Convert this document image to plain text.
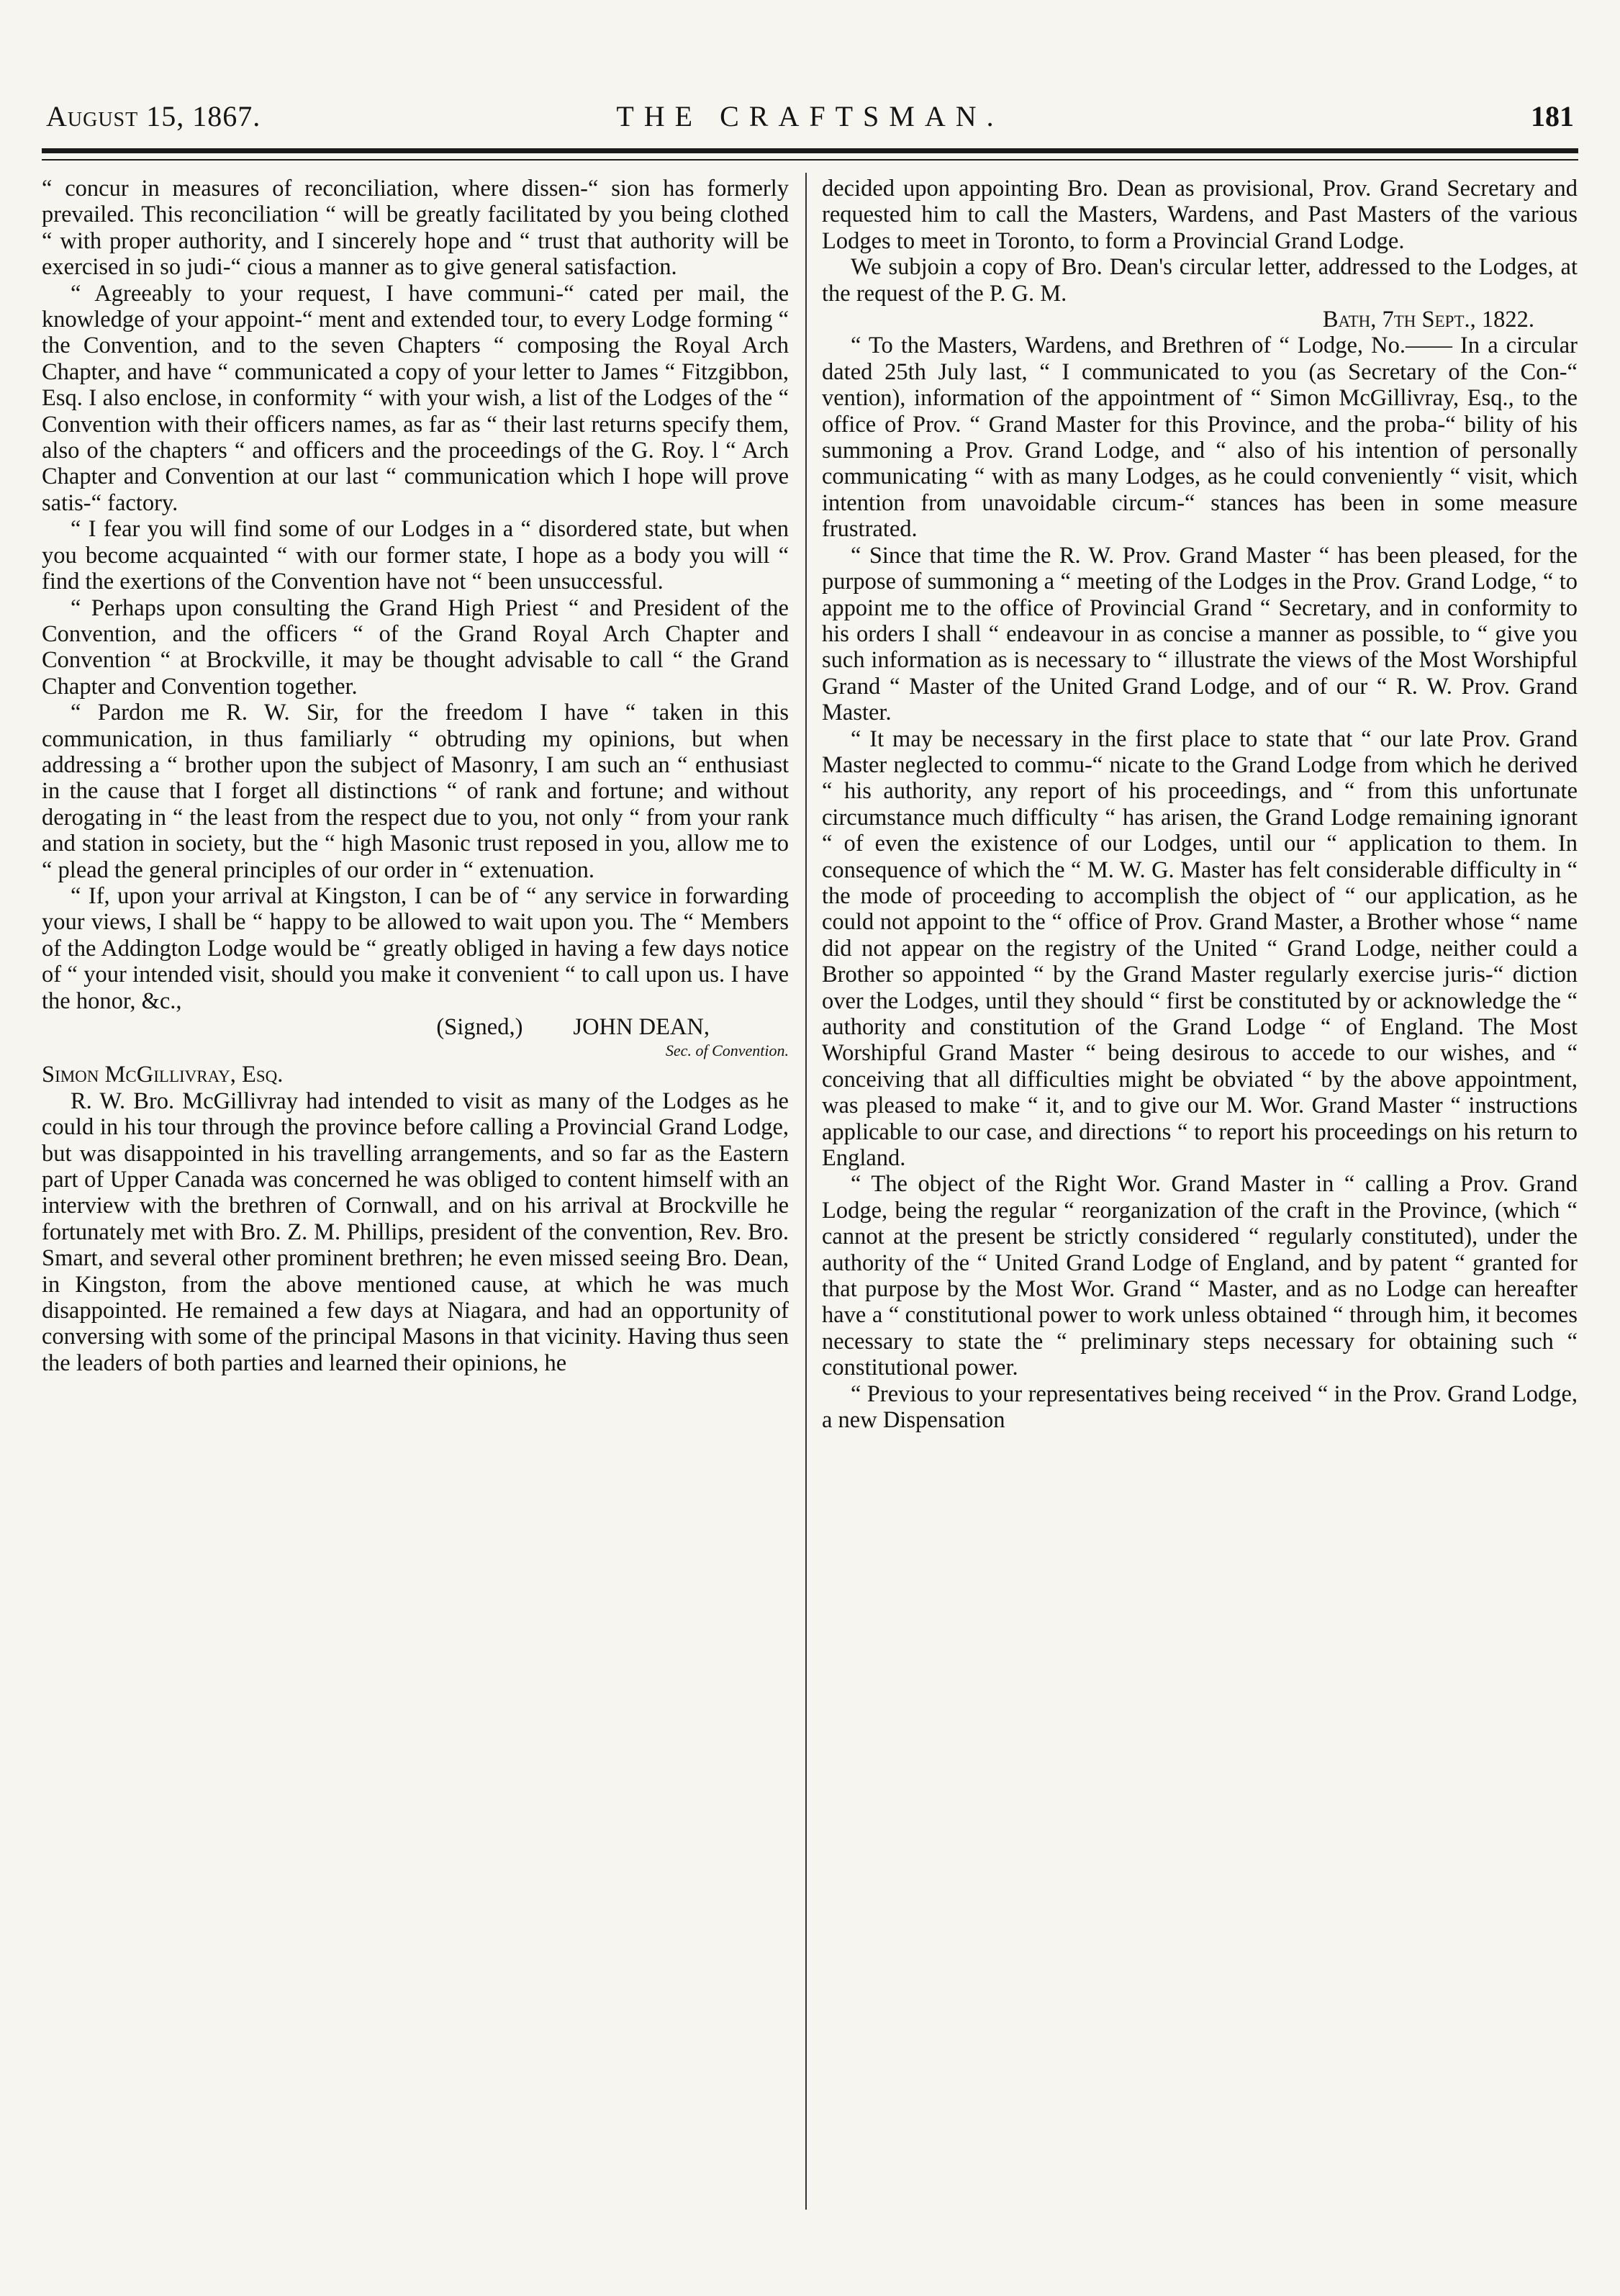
August 15, 1867.	THE CRAFTSMAN.	181

“ concur in measures of reconciliation, where dissen-“ sion has formerly prevailed. This reconciliation “ will be greatly facilitated by you being clothed “ with proper authority, and I sincerely hope and “ trust that authority will be exercised in so judi-“ cious a manner as to give general satisfaction.

“ Agreeably to your request, I have communi-“ cated per mail, the knowledge of your appoint-“ ment and extended tour, to every Lodge forming “ the Convention, and to the seven Chapters “ composing the Royal Arch Chapter, and have “ communicated a copy of your letter to James “ Fitzgibbon, Esq. I also enclose, in conformity “ with your wish, a list of the Lodges of the “ Convention with their officers names, as far as “ their last returns specify them, also of the chapters “ and officers and the proceedings of the G. Roy. l “ Arch Chapter and Convention at our last “ communication which I hope will prove satis-“ factory.

“ I fear you will find some of our Lodges in a “ disordered state, but when you become acquainted “ with our former state, I hope as a body you will “ find the exertions of the Convention have not “ been unsuccessful.

“ Perhaps upon consulting the Grand High Priest “ and President of the Convention, and the officers “ of the Grand Royal Arch Chapter and Convention “ at Brockville, it may be thought advisable to call “ the Grand Chapter and Convention together.

“ Pardon me R. W. Sir, for the freedom I have “ taken in this communication, in thus familiarly “ obtruding my opinions, but when addressing a “ brother upon the subject of Masonry, I am such an “ enthusiast in the cause that I forget all distinctions “ of rank and fortune; and without derogating in “ the least from the respect due to you, not only “ from your rank and station in society, but the “ high Masonic trust reposed in you, allow me to “ plead the general principles of our order in “ extenuation.

“ If, upon your arrival at Kingston, I can be of “ any service in forwarding your views, I shall be “ happy to be allowed to wait upon you. The “ Members of the Addington Lodge would be “ greatly obliged in having a few days notice of “ your intended visit, should you make it convenient “ to call upon us. I have the honor, &c.,

(Signed,) JOHN DEAN,

Sec. of Convention.

Simon McGillivray, Esq.

R. W. Bro. McGillivray had intended to visit as many of the Lodges as he could in his tour through the province before calling a Provincial Grand Lodge, but was disappointed in his travelling arrangements, and so far as the Eastern part of Upper Canada was concerned he was obliged to content himself with an interview with the brethren of Cornwall, and on his arrival at Brockville he fortunately met with Bro. Z. M. Phillips, president of the convention, Rev. Bro. Smart, and several other prominent brethren; he even missed seeing Bro. Dean, in Kingston, from the above mentioned cause, at which he was much disappointed. He remained a few days at Niagara, and had an opportunity of conversing with some of the principal Masons in that vicinity. Having thus seen the leaders of both parties and learned their opinions, he

decided upon appointing Bro. Dean as provisional, Prov. Grand Secretary and requested him to call the Masters, Wardens, and Past Masters of the various Lodges to meet in Toronto, to form a Provincial Grand Lodge.

We subjoin a copy of Bro. Dean's circular letter, addressed to the Lodges, at the request of the P. G. M.

Bath, 7th Sept., 1822.

“ To the Masters, Wardens, and Brethren of “ Lodge, No.—— In a circular dated 25th July last, “ I communicated to you (as Secretary of the Con-“ vention), information of the appointment of “ Simon McGillivray, Esq., to the office of Prov. “ Grand Master for this Province, and the proba-“ bility of his summoning a Prov. Grand Lodge, and “ also of his intention of personally communicating “ with as many Lodges, as he could conveniently “ visit, which intention from unavoidable circum-“ stances has been in some measure frustrated.

“ Since that time the R. W. Prov. Grand Master “ has been pleased, for the purpose of summoning a “ meeting of the Lodges in the Prov. Grand Lodge, “ to appoint me to the office of Provincial Grand “ Secretary, and in conformity to his orders I shall “ endeavour in as concise a manner as possible, to “ give you such information as is necessary to “ illustrate the views of the Most Worshipful Grand “ Master of the United Grand Lodge, and of our “ R. W. Prov. Grand Master.

“ It may be necessary in the first place to state that “ our late Prov. Grand Master neglected to commu-“ nicate to the Grand Lodge from which he derived “ his authority, any report of his proceedings, and “ from this unfortunate circumstance much difficulty “ has arisen, the Grand Lodge remaining ignorant “ of even the existence of our Lodges, until our “ application to them. In consequence of which the “ M. W. G. Master has felt considerable difficulty in “ the mode of proceeding to accomplish the object of “ our application, as he could not appoint to the “ office of Prov. Grand Master, a Brother whose “ name did not appear on the registry of the United “ Grand Lodge, neither could a Brother so appointed “ by the Grand Master regularly exercise juris-“ diction over the Lodges, until they should “ first be constituted by or acknowledge the “ authority and constitution of the Grand Lodge “ of England. The Most Worshipful Grand Master “ being desirous to accede to our wishes, and “ conceiving that all difficulties might be obviated “ by the above appointment, was pleased to make “ it, and to give our M. Wor. Grand Master “ instructions applicable to our case, and directions “ to report his proceedings on his return to England.

“ The object of the Right Wor. Grand Master in “ calling a Prov. Grand Lodge, being the regular “ reorganization of the craft in the Province, (which “ cannot at the present be strictly considered “ regularly constituted), under the authority of the “ United Grand Lodge of England, and by patent “ granted for that purpose by the Most Wor. Grand “ Master, and as no Lodge can hereafter have a “ constitutional power to work unless obtained “ through him, it becomes necessary to state the “ preliminary steps necessary for obtaining such “ constitutional power.

“ Previous to your representatives being received “ in the Prov. Grand Lodge, a new Dispensation
